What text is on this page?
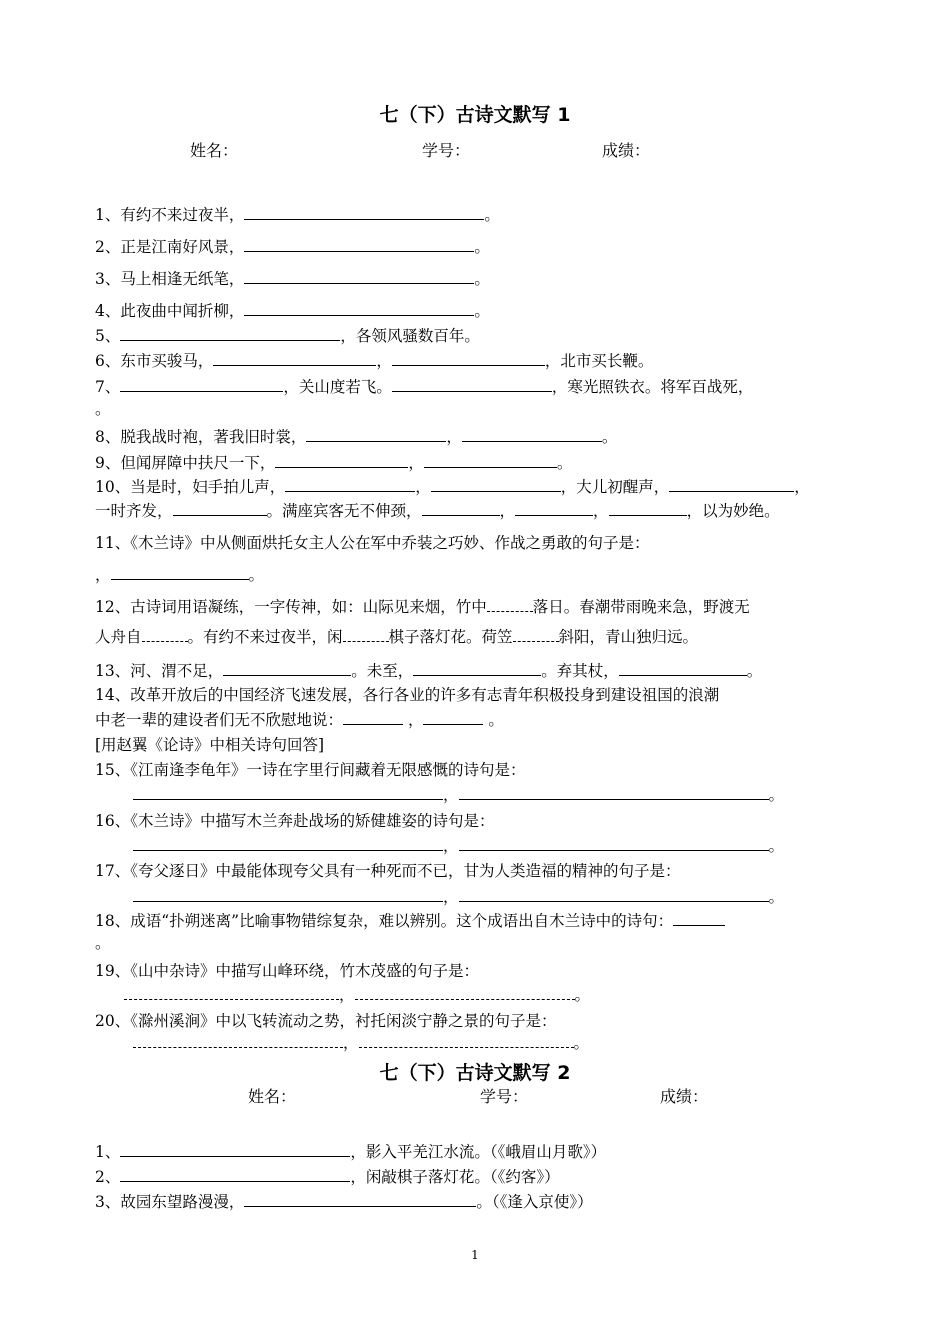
七（下）古诗文默写 1
姓名：	学号：	成绩：
1、有约不来过夜半，	。
2、正是江南好风景，	。
3、马上相逢无纸笔，	。
4、此夜曲中闻折柳，	。
5、	，各领风骚数百年。
6、东市买骏马，	，	，北市买长鞭。
7、	，关山度若飞。	，寒光照铁衣。将军百战死，
。
8、脱我战时袍，著我旧时裳，	，	。
9、但闻屏障中扶尺一下，	，	。
10、当是时，妇手拍儿声，	，	，大儿初醒声，	，
一时齐发，	。满座宾客无不伸颈，	，	，	，以为妙绝。
11、《木兰诗》中从侧面烘托女主人公在军中乔装之巧妙、作战之勇敢的句子是：
，	。
12、古诗词用语凝练，一字传神，如：山际见来烟，竹中	落日。春潮带雨晚来急，野渡无
人舟自	。有约不来过夜半，闲	棋子落灯花。荷笠	斜阳，青山独归远。
13、河、渭不足，	。未至，	。弃其杖，	。
14、改革开放后的中国经济飞速发展，各行各业的许多有志青年积极投身到建设祖国的浪潮
中老一辈的建设者们无不欣慰地说：	，	。
[用赵翼《论诗》中相关诗句回答]
15、《江南逢李龟年》一诗在字里行间藏着无限感慨的诗句是：
，	。
16、《木兰诗》中描写木兰奔赴战场的矫健雄姿的诗句是：
，	。
17、《夸父逐日》中最能体现夸父具有一种死而不已，甘为人类造福的精神的句子是：
，	。
18、成语“扑朔迷离”比喻事物错综复杂，难以辨别。这个成语出自木兰诗中的诗句：
。
19、《山中杂诗》中描写山峰环绕，竹木茂盛的句子是：
，	。
20、《滁州溪涧》中以飞转流动之势，衬托闲淡宁静之景的句子是：
，	。
七（下）古诗文默写 2
姓名：	学号：	成绩：
1、	，影入平羌江水流。（《峨眉山月歌》）
2、	，闲敲棋子落灯花。（《约客》）
3、故园东望路漫漫，	。（《逢入京使》）
1
